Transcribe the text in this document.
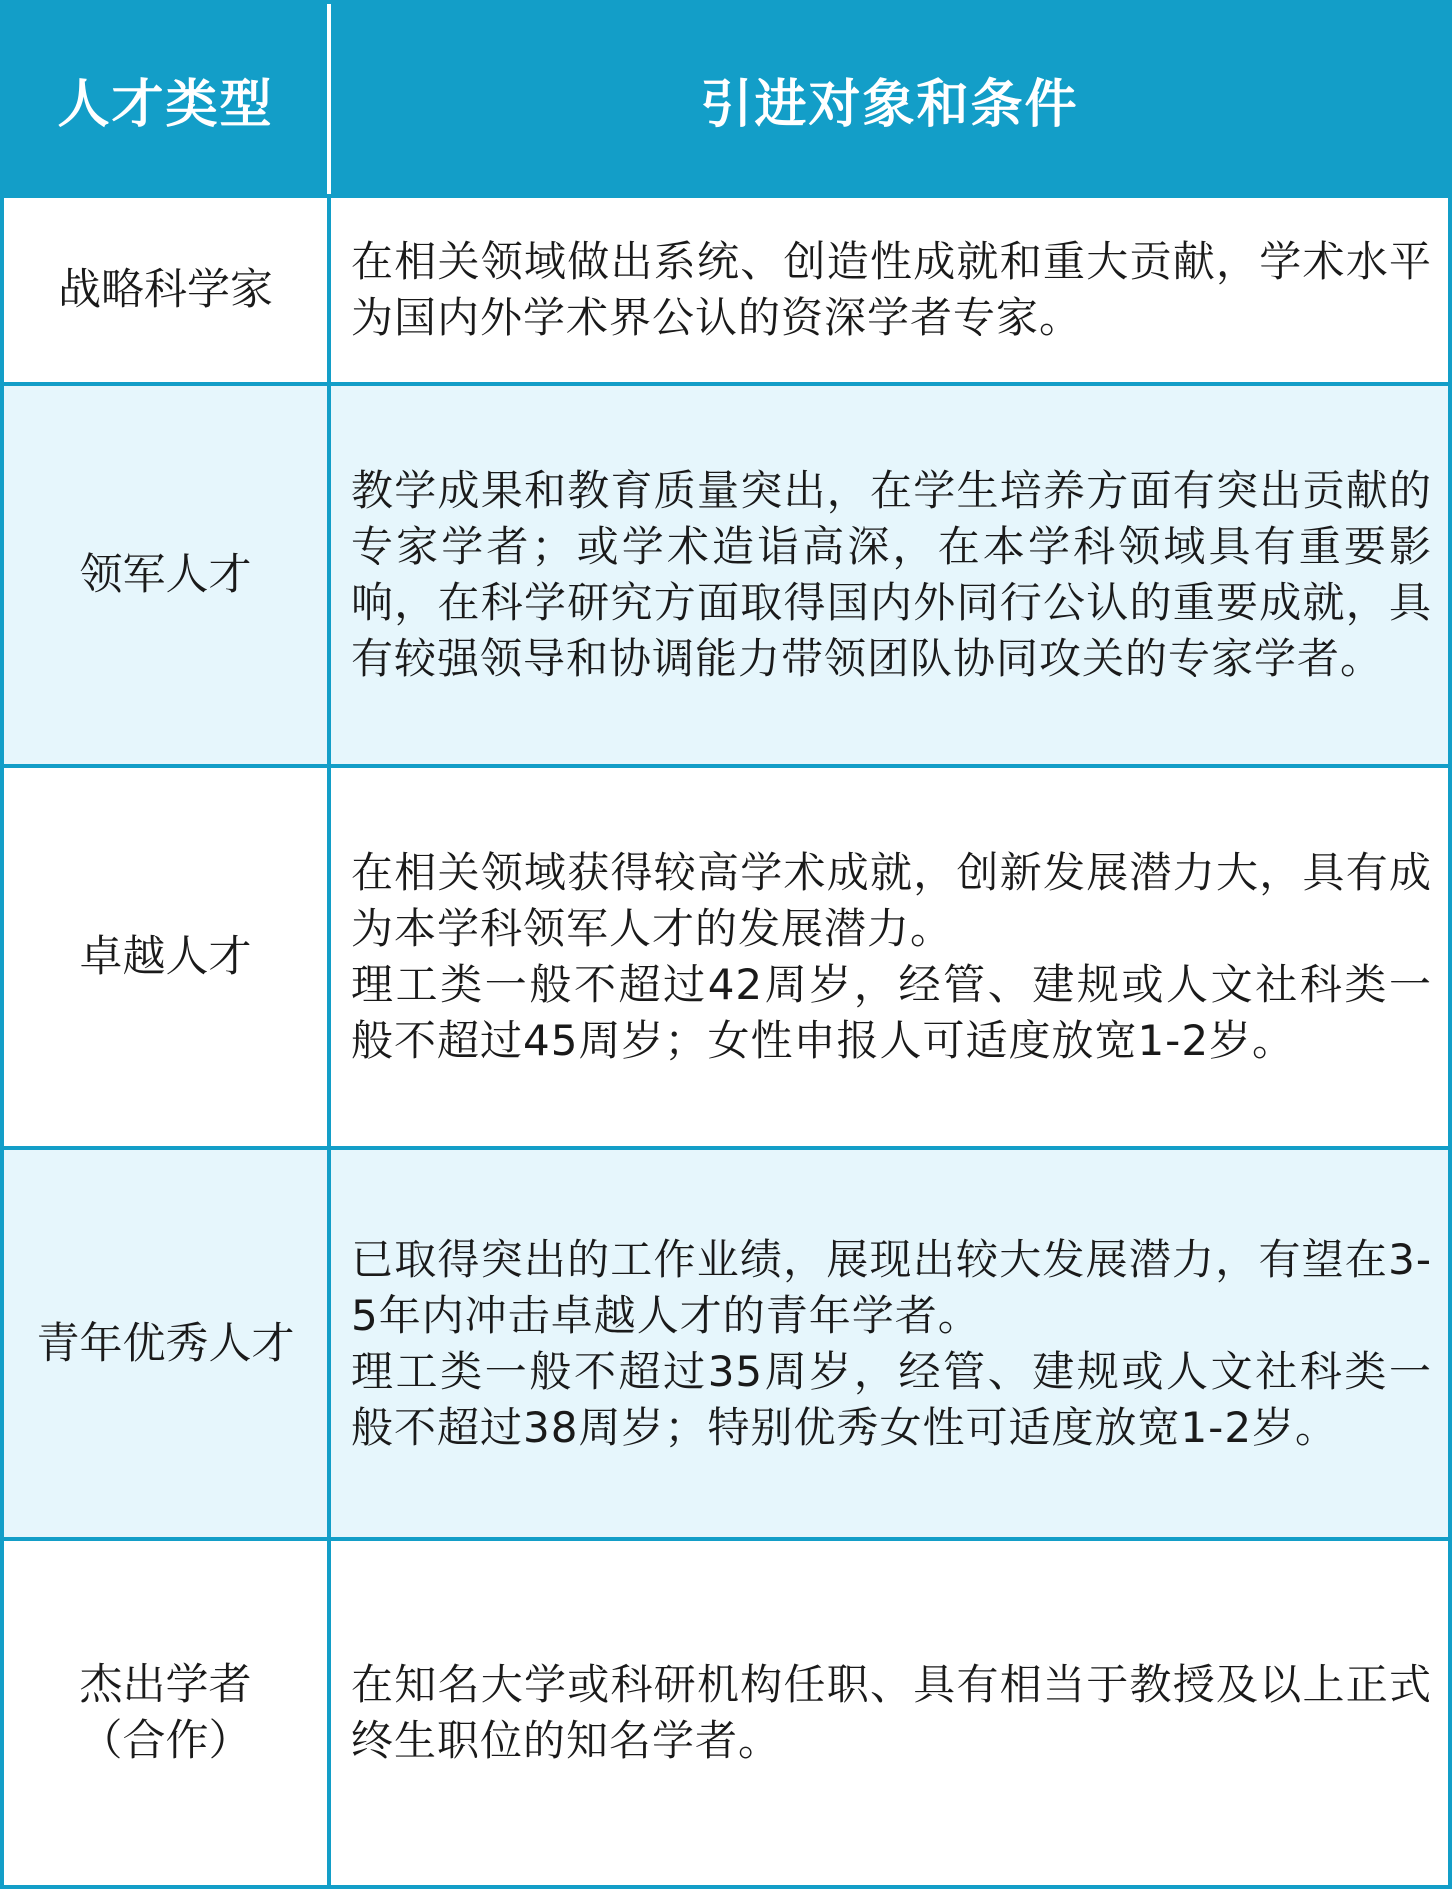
人才类型	引进对象和条件
战略科学家
在相关领域做出系统、创造性成就和重大贡献，学术水平为国内外学术界公认的资深学者专家。
领军人才
教学成果和教育质量突出，在学生培养方面有突出贡献的专家学者；或学术造诣高深，在本学科领域具有重要影响，在科学研究方面取得国内外同行公认的重要成就，具有较强领导和协调能力带领团队协同攻关的专家学者。
卓越人才
在相关领域获得较高学术成就，创新发展潜力大，具有成为本学科领军人才的发展潜力。
理工类一般不超过42周岁，经管、建规或人文社科类一般不超过45周岁；女性申报人可适度放宽1-2岁。
青年优秀人才
已取得突出的工作业绩，展现出较大发展潜力，有望在3-5年内冲击卓越人才的青年学者。
理工类一般不超过35周岁，经管、建规或人文社科类一般不超过38周岁；特别优秀女性可适度放宽1-2岁。
杰出学者
（合作）
在知名大学或科研机构任职、具有相当于教授及以上正式终生职位的知名学者。
